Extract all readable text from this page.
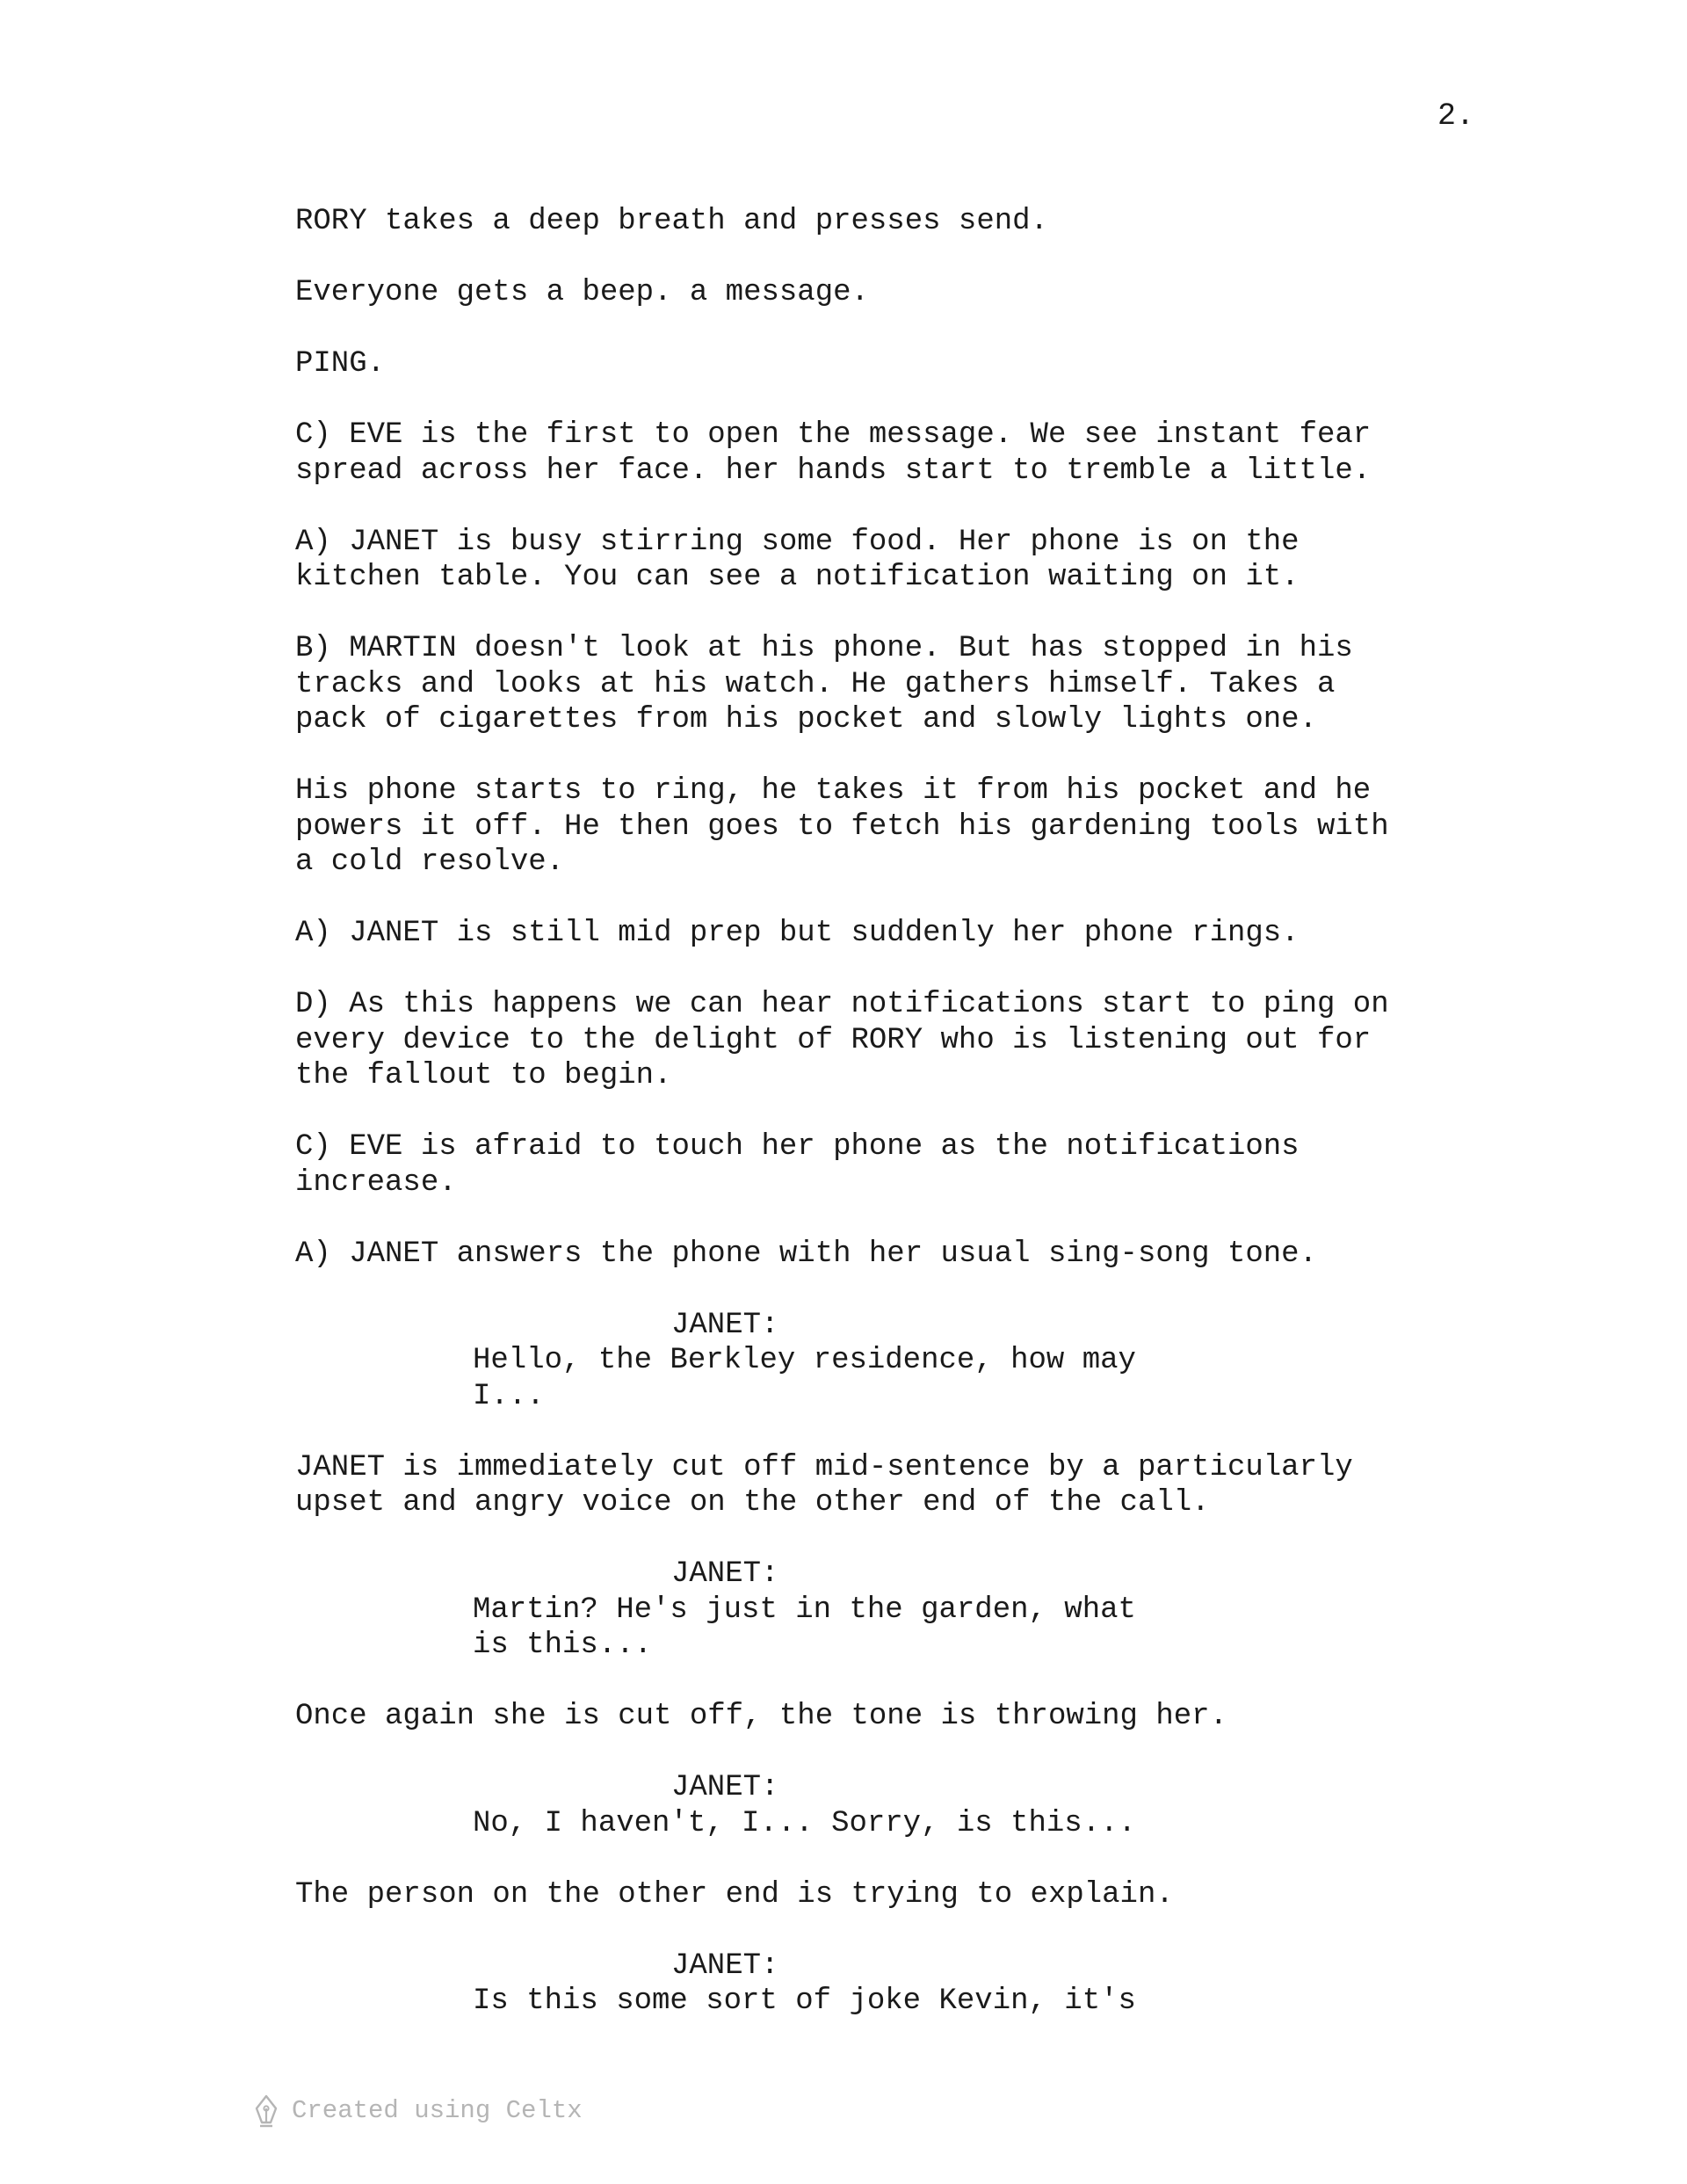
2.
RORY takes a deep breath and presses send.
Everyone gets a beep. a message.
PING.
C) EVE is the first to open the message. We see instant fear
spread across her face. her hands start to tremble a little.
A) JANET is busy stirring some food. Her phone is on the
kitchen table. You can see a notification waiting on it.
B) MARTIN doesn't look at his phone. But has stopped in his
tracks and looks at his watch. He gathers himself. Takes a
pack of cigarettes from his pocket and slowly lights one.
His phone starts to ring, he takes it from his pocket and he
powers it off. He then goes to fetch his gardening tools with
a cold resolve.
A) JANET is still mid prep but suddenly her phone rings.
D) As this happens we can hear notifications start to ping on
every device to the delight of RORY who is listening out for
the fallout to begin.
C) EVE is afraid to touch her phone as the notifications
increase.
A) JANET answers the phone with her usual sing-song tone.
JANET:
Hello, the Berkley residence, how may
I...
JANET is immediately cut off mid-sentence by a particularly
upset and angry voice on the other end of the call.
JANET:
Martin? He's just in the garden, what
is this...
Once again she is cut off, the tone is throwing her.
JANET:
No, I haven't, I... Sorry, is this...
The person on the other end is trying to explain.
JANET:
Is this some sort of joke Kevin, it's
Created using Celtx
